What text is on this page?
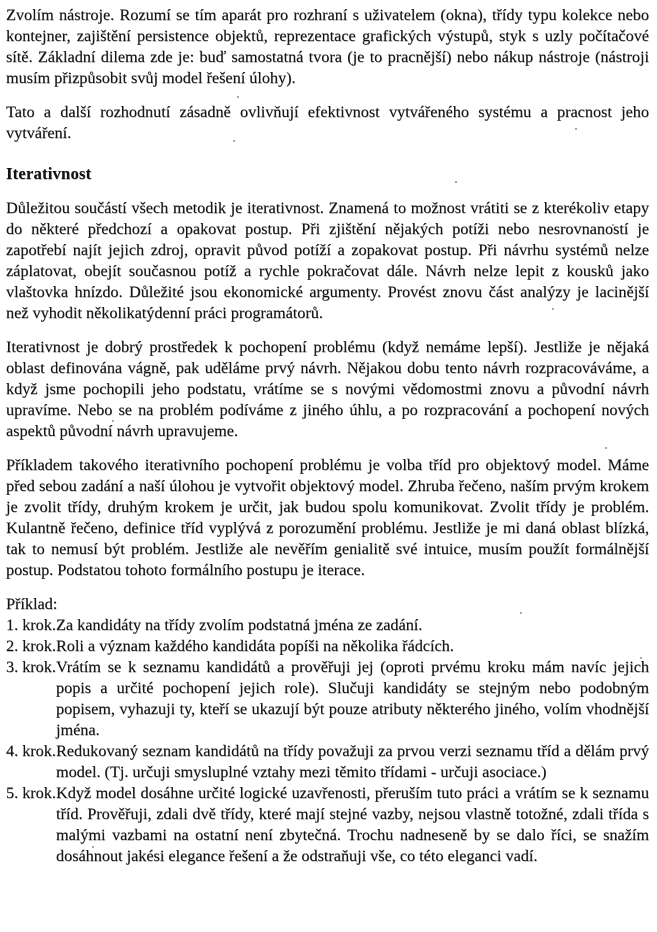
Zvolím nástroje. Rozumí se tím aparát pro rozhraní s uživatelem (okna), třídy typu kolekce nebo kontejner, zajištění persistence objektů, reprezentace grafických výstupů, styk s uzly počítačové sítě. Základní dilema zde je: buď samostatná tvora (je to pracnější) nebo nákup nástroje (nástroji musím přizpůsobit svůj model řešení úlohy).

Tato a další rozhodnutí zásadně ovlivňují efektivnost vytvářeného systému a pracnost jeho vytváření.

Iterativnost

Důležitou součástí všech metodik je iterativnost. Znamená to možnost vrátiti se z kterékoliv etapy do některé předchozí a opakovat postup. Při zjištění nějakých potíži nebo nesrovnaností je zapotřebí najít jejich zdroj, opravit původ potíží a zopakovat postup. Při návrhu systémů nelze záplatovat, obejít současnou potíž a rychle pokračovat dále. Návrh nelze lepit z kousků jako vlaštovka hnízdo. Důležité jsou ekonomické argumenty. Provést znovu část analýzy je lacinější než vyhodit několikatýdenní práci programátorů.

Iterativnost je dobrý prostředek k pochopení problému (když nemáme lepší). Jestliže je nějaká oblast definována vágně, pak uděláme prvý návrh. Nějakou dobu tento návrh rozpracováváme, a když jsme pochopili jeho podstatu, vrátíme se s novými vědomostmi znovu a původní návrh upravíme. Nebo se na problém podíváme z jiného úhlu, a po rozpracování a pochopení nových aspektů původní návrh upravujeme.

Příkladem takového iterativního pochopení problému je volba tříd pro objektový model. Máme před sebou zadání a naší úlohou je vytvořit objektový model. Zhruba řečeno, naším prvým krokem je zvolit třídy, druhým krokem je určit, jak budou spolu komunikovat. Zvolit třídy je problém. Kulantně řečeno, definice tříd vyplývá z porozumění problému. Jestliže je mi daná oblast blízká, tak to nemusí být problém. Jestliže ale nevěřím genialitě své intuice, musím použít formálnější postup. Podstatou tohoto formálního postupu je iterace.

Příklad:

1. krok. Za kandidáty na třídy zvolím podstatná jména ze zadání.
2. krok. Roli a význam každého kandidáta popíši na několika řádcích.
3. krok. Vrátím se k seznamu kandidátů a prověřuji jej (oproti prvému kroku mám navíc jejich popis a určité pochopení jejich role). Slučuji kandidáty se stejným nebo podobným popisem, vyhazuji ty, kteří se ukazují být pouze atributy některého jiného, volím vhodnější jména.
4. krok. Redukovaný seznam kandidátů na třídy považuji za prvou verzi seznamu tříd a dělám prvý model. (Tj. určuji smysluplné vztahy mezi těmito třídami - určuji asociace.)
5. krok. Když model dosáhne určité logické uzavřenosti, přeruším tuto práci a vrátím se k seznamu tříd. Prověřuji, zdali dvě třídy, které mají stejné vazby, nejsou vlastně totožné, zdali třída s malými vazbami na ostatní není zbytečná. Trochu nadneseně by se dalo říci, se snažím dosáhnout jakési elegance řešení a že odstraňuji vše, co této eleganci vadí.
